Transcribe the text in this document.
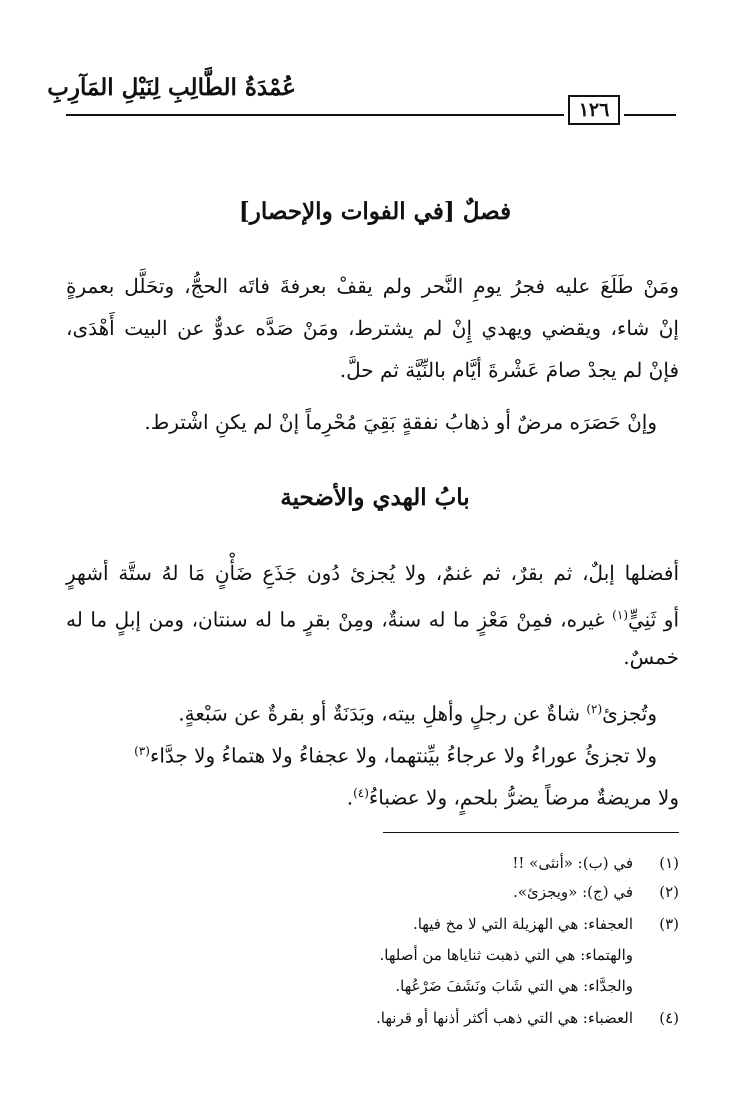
عُمْدَةُ الطَّالِبِ لِنَيْلِ المَآرِبِ
١٢٦
فصلٌ [في الفوات والإحصار]
ومَنْ طَلَعَ عليه فجرُ يومِ النَّحر ولم يقفْ بعرفةَ فاتَه الحجُّ، وتحَلَّل بعمرةٍ
إنْ شاء، ويقضي ويهدي إِنْ لم يشترط، ومَنْ صَدَّه عدوٌّ عن البيت أَهْدَى،
فإنْ لم يجدْ صامَ عَشْرةَ أيَّام بالنِّيَّة ثم حلَّ.
وإنْ حَصَرَه مرضٌ أو ذهابُ نفقةٍ بَقِيَ مُحْرِماً إنْ لم يكنِ اشْترط.
بابُ الهدي والأضحية
أفضلها إبلٌ، ثم بقرٌ، ثم غنمٌ، ولا يُجزئ دُون جَذَعِ ضَأْنٍ مَا لهُ ستَّة أشهرٍ
أو ثَنِيٍّ$^{(١)}$ غيره، فمِنْ مَعْزٍ ما له سنةٌ، ومِنْ بقرٍ ما له سنتان، ومن إبلٍ ما له
خمسٌ.
وتُجزئ$^{(٢)}$ شاةٌ عن رجلٍ وأهلِ بيته، وبَدَنَةٌ أو بقرةٌ عن سَبْعةٍ.
ولا تجزئُ عوراءُ ولا عرجاءُ بيِّنتهما، ولا عجفاءُ ولا هتماءُ ولا جدَّاء$^{(٣)}$
ولا مريضةٌ مرضاً يضرُّ بلحمٍ، ولا عضباءُ$^{(٤)}$.
(١)في (ب): «أنثى» !!
(٢)في (ج): «ويجزئ».
(٣)العجفاء: هي الهزيلة التي لا مخ فيها.
والهتماء: هي التي ذهبت ثناياها من أصلها.
والجدَّاء: هي التي شَابَ ونَشَفَ ضَرْعُها.
(٤)العضباء: هي التي ذهب أكثر أذنها أو قرنها.
